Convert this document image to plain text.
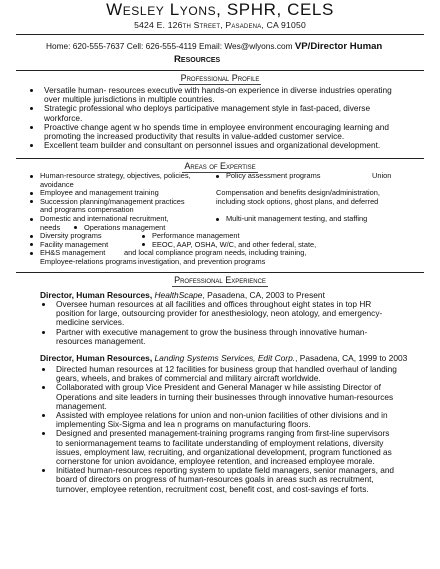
Wesley Lyons, SPHR, CELS
5424 E. 126th Street, Pasadena, CA 91050
Home: 620-555-7637 Cell: 626-555-4119 Email: Wes@wlyons.com VP/Director Human
Resources
Professional Profile
Versatile human- resources executive with hands-on experience in diverse industries operating over multiple jurisdictions in multiple countries.
Strategic professional who deploys participative management style in fast-paced, diverse workforce.
Proactive change agent w ho spends time in employee environment encouraging learning and promoting the increased productivity that results in value-added customer service.
Excellent team builder and consultant on personnel issues and organizational development.
Areas of Expertise
Human-resource strategy, objectives, policies,	Policy assessment programs	Union
avoidance
Employee and management training	Compensation and benefits design/administration,
Succession planning/management practices	including stock options, ghost plans, and deferred
and programs compensation
Domestic and international recruitment,	Multi-unit management testing, and staffing
needs	Operations management
Diversity programs	Performance management
Facility management	EEOC, AAP, OSHA, W/C, and other federal, state,
EH&S management	and local compliance program needs, including training,
Employee-relations programs investigation, and prevention programs
Professional Experience
Director, Human Resources, HealthScape, Pasadena, CA, 2003 to Present
Oversee human resources at all facilities and offices throughout eight states in top HR position for large, outsourcing provider for anesthesiology, neon atology, and emergency-medicine services.
Partner with executive management to grow the business through innovative human-resources management.
Director, Human Resources, Landing Systems Services, Edit Corp., Pasadena, CA, 1999 to 2003
Directed human resources at 12 facilities for business group that handled overhaul of landing gears, wheels, and brakes of commercial and military aircraft worldwide.
Collaborated with group Vice President and General Manager w hile assisting Director of Operations and site leaders in turning their businesses through innovative human-resources management.
Assisted with employee relations for union and non-union facilities of other divisions and in implementing Six-Sigma and lea n programs on manufacturing floors.
Designed and presented management-training programs ranging from first-line supervisors to seniormanagement teams to facilitate understanding of employment relations, diversity issues, employment law, recruiting, and organizational development, program functioned as cornerstone for union avoidance, employee retention, and increased employee morale.
Initiated human-resources reporting system to update field managers, senior managers, and board of directors on progress of human-resources goals in areas such as recruitment, turnover, employee retention, recruitment cost, benefit cost, and cost-savings ef forts.
